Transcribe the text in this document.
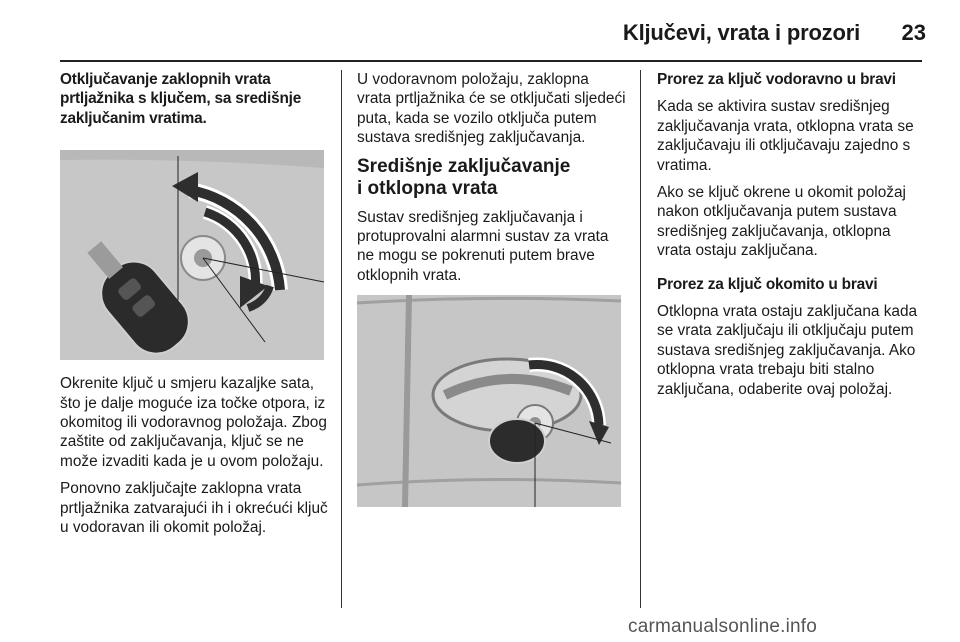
Ključevi, vrata i prozori	23

Otključavanje zaklopnih vrata prtljažnika s ključem, sa središnje zaključanim vratima.

Okrenite ključ u smjeru kazaljke sata, što je dalje moguće iza točke otpora, iz okomitog ili vodoravnog položaja. Zbog zaštite od zaključavanja, ključ se ne može izvaditi kada je u ovom položaju.

Ponovno zaključajte zaklopna vrata prtljažnika zatvarajući ih i okrećući ključ u vodoravan ili okomit položaj.

U vodoravnom položaju, zaklopna vrata prtljažnika će se otključati sljedeći puta, kada se vozilo otključa putem sustava središnjeg zaključavanja.

Središnje zaključavanje i otklopna vrata

Sustav središnjeg zaključavanja i protuprovalni alarmni sustav za vrata ne mogu se pokrenuti putem brave otklopnih vrata.

Prorez za ključ vodoravno u bravi

Kada se aktivira sustav središnjeg zaključavanja vrata, otklopna vrata se zaključavaju ili otključavaju zajedno s vratima.

Ako se ključ okrene u okomit položaj nakon otključavanja putem sustava središnjeg zaključavanja, otklopna vrata ostaju zaključana.

Prorez za ključ okomito u bravi

Otklopna vrata ostaju zaključana kada se vrata zaključaju ili otključaju putem sustava središnjeg zaključavanja. Ako otklopna vrata trebaju biti stalno zaključana, odaberite ovaj položaj.

carmanualsonline.info
